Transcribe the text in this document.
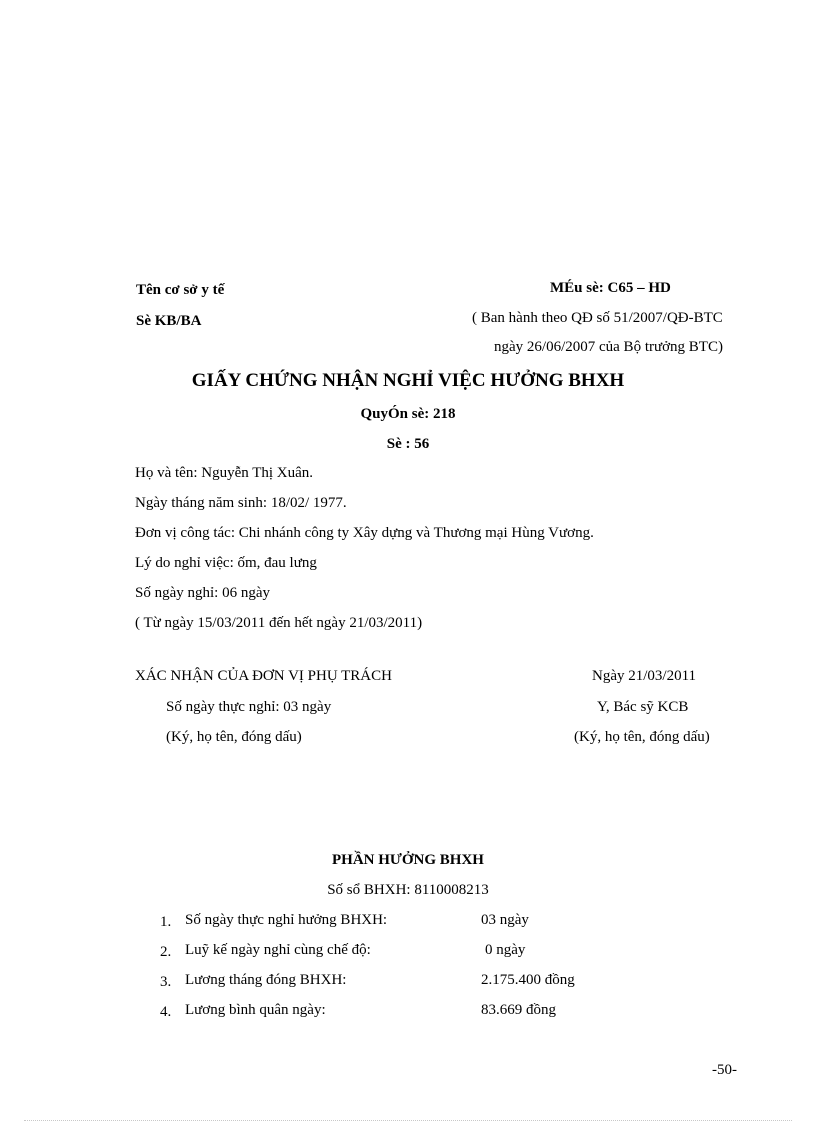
Tên cơ sở y tế
Sè KB/BA
MÉu sè: C65 – HD
( Ban hành theo QĐ số 51/2007/QĐ-BTC
ngày 26/06/2007 của Bộ trưởng BTC)
GIẤY CHỨNG NHẬN NGHỈ VIỆC HƯỞNG BHXH
QuyÓn sè: 218
Sè : 56
Họ và tên: Nguyễn Thị Xuân.
Ngày tháng năm sinh: 18/02/ 1977.
Đơn vị công tác: Chi nhánh công ty Xây dựng và Thương mại Hùng Vương.
Lý do nghỉ việc: ốm, đau lưng
Số ngày nghỉ: 06 ngày
( Từ ngày 15/03/2011 đến hết ngày 21/03/2011)
XÁC NHẬN CỦA ĐƠN VỊ PHỤ TRÁCH
Số ngày thực nghỉ: 03 ngày
(Ký, họ tên, đóng dấu)
Ngày 21/03/2011
Y, Bác sỹ KCB
(Ký, họ tên, đóng dấu)
PHẦN HƯỞNG BHXH
Số sổ BHXH: 8110008213
1. Số ngày thực nghỉ hưởng BHXH:	03 ngày
2. Luỹ kế ngày nghỉ cùng chế độ:	0 ngày
3. Lương tháng đóng BHXH:	2.175.400 đồng
4. Lương bình quân ngày:	83.669 đồng
-50-
